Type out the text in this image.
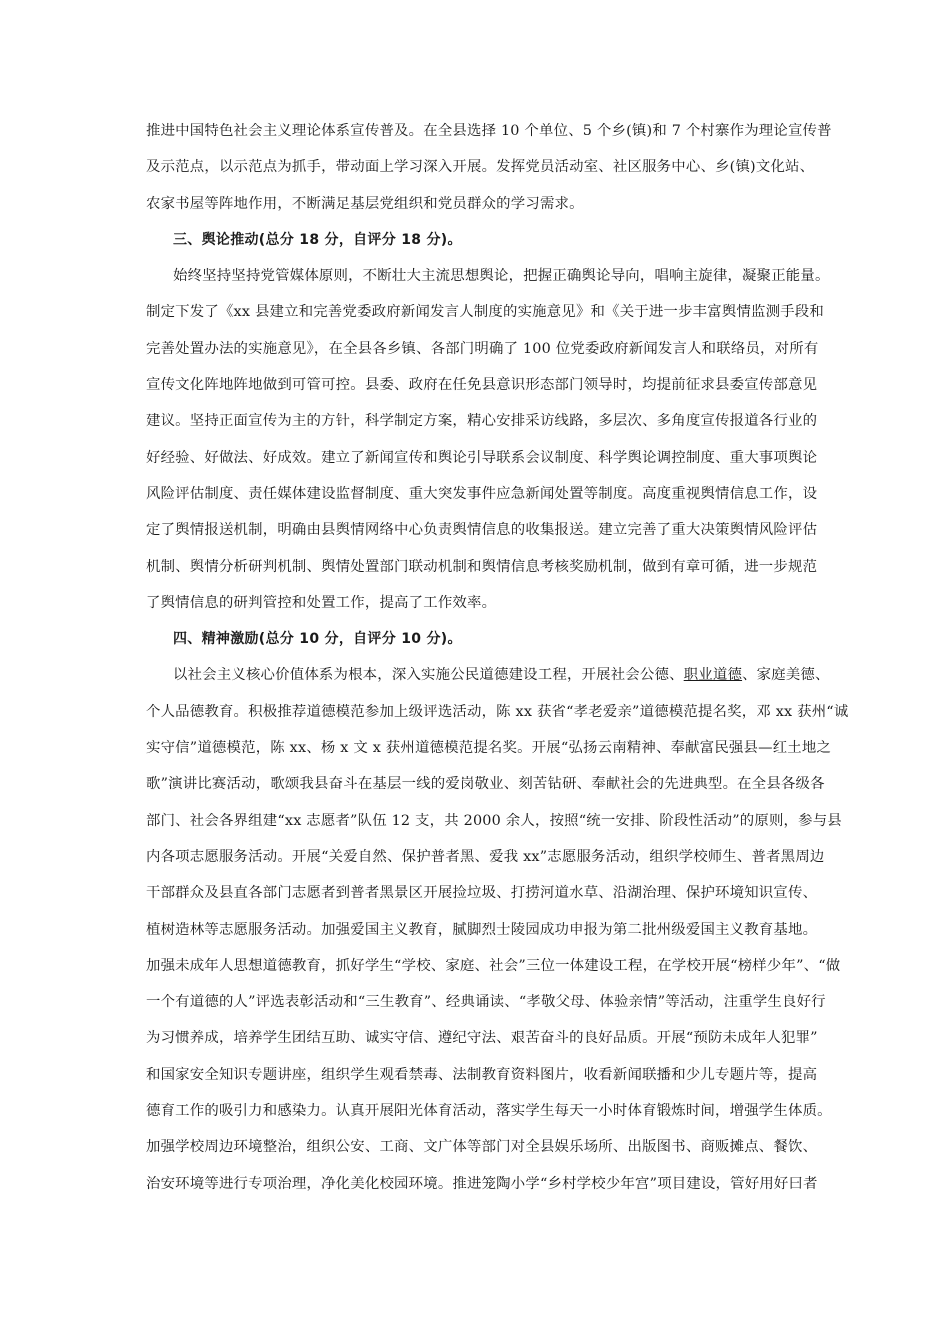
推进中国特色社会主义理论体系宣传普及。在全县选择 10 个单位、5 个乡(镇)和 7 个村寨作为理论宣传普
及示范点，以示范点为抓手，带动面上学习深入开展。发挥党员活动室、社区服务中心、乡(镇)文化站、
农家书屋等阵地作用，不断满足基层党组织和党员群众的学习需求。
三、舆论推动(总分 18 分，自评分 18 分)。
始终坚持坚持党管媒体原则，不断壮大主流思想舆论，把握正确舆论导向，唱响主旋律，凝聚正能量。
制定下发了《xx 县建立和完善党委政府新闻发言人制度的实施意见》和《关于进一步丰富舆情监测手段和
完善处置办法的实施意见》，在全县各乡镇、各部门明确了 100 位党委政府新闻发言人和联络员，对所有
宣传文化阵地阵地做到可管可控。县委、政府在任免县意识形态部门领导时，均提前征求县委宣传部意见
建议。坚持正面宣传为主的方针，科学制定方案，精心安排采访线路，多层次、多角度宣传报道各行业的
好经验、好做法、好成效。建立了新闻宣传和舆论引导联系会议制度、科学舆论调控制度、重大事项舆论
风险评估制度、责任媒体建设监督制度、重大突发事件应急新闻处置等制度。高度重视舆情信息工作，设
定了舆情报送机制，明确由县舆情网络中心负责舆情信息的收集报送。建立完善了重大决策舆情风险评估
机制、舆情分析研判机制、舆情处置部门联动机制和舆情信息考核奖励机制，做到有章可循，进一步规范
了舆情信息的研判管控和处置工作，提高了工作效率。
四、精神激励(总分 10 分，自评分 10 分)。
以社会主义核心价值体系为根本，深入实施公民道德建设工程，开展社会公德、职业道德、家庭美德、
个人品德教育。积极推荐道德模范参加上级评选活动，陈 xx 获省“孝老爱亲”道德模范提名奖，邓 xx 获州“诚
实守信”道德模范，陈 xx、杨 x 文 x 获州道德模范提名奖。开展“弘扬云南精神、奉献富民强县—红土地之
歌”演讲比赛活动，歌颂我县奋斗在基层一线的爱岗敬业、刻苦钻研、奉献社会的先进典型。在全县各级各
部门、社会各界组建“xx 志愿者”队伍 12 支，共 2000 余人，按照“统一安排、阶段性活动”的原则，参与县
内各项志愿服务活动。开展“关爱自然、保护普者黑、爱我 xx”志愿服务活动，组织学校师生、普者黑周边
干部群众及县直各部门志愿者到普者黑景区开展捡垃圾、打捞河道水草、沿湖治理、保护环境知识宣传、
植树造林等志愿服务活动。加强爱国主义教育，腻脚烈士陵园成功申报为第二批州级爱国主义教育基地。
加强未成年人思想道德教育，抓好学生“学校、家庭、社会”三位一体建设工程，在学校开展“榜样少年”、“做
一个有道德的人”评选表彰活动和“三生教育”、经典诵读、“孝敬父母、体验亲情”等活动，注重学生良好行
为习惯养成，培养学生团结互助、诚实守信、遵纪守法、艰苦奋斗的良好品质。开展“预防未成年人犯罪”
和国家安全知识专题讲座，组织学生观看禁毒、法制教育资料图片，收看新闻联播和少儿专题片等，提高
德育工作的吸引力和感染力。认真开展阳光体育活动，落实学生每天一小时体育锻炼时间，增强学生体质。
加强学校周边环境整治，组织公安、工商、文广体等部门对全县娱乐场所、出版图书、商贩摊点、餐饮、
治安环境等进行专项治理，净化美化校园环境。推进笼陶小学“乡村学校少年宫”项目建设，管好用好曰者
